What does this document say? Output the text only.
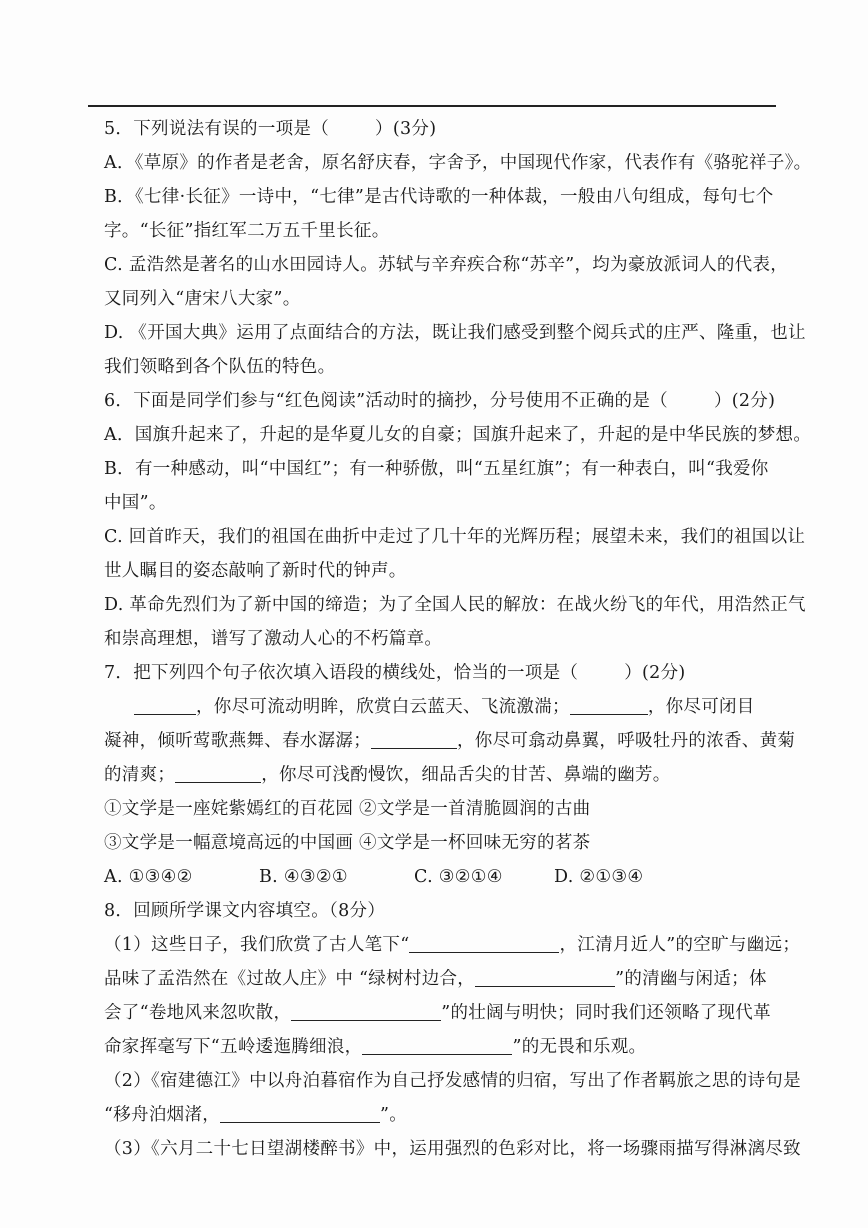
5．下列说法有误的一项是（	）(3分)
A．《草原》的作者是老舍，原名舒庆春，字舍予，中国现代作家，代表作有《骆驼祥子》。
B．《七律·长征》一诗中，“七律”是古代诗歌的一种体裁，一般由八句组成，每句七个
字。“长征”指红军二万五千里长征。
C. 孟浩然是著名的山水田园诗人。苏轼与辛弃疾合称“苏辛”，均为豪放派词人的代表，
又同列入“唐宋八大家”。
D. 《开国大典》运用了点面结合的方法，既让我们感受到整个阅兵式的庄严、隆重，也让
我们领略到各个队伍的特色。
6．下面是同学们参与“红色阅读”活动时的摘抄，分号使用不正确的是（	）(2分)
A．国旗升起来了，升起的是华夏儿女的自豪；国旗升起来了，升起的是中华民族的梦想。
B．有一种感动，叫“中国红”；有一种骄傲，叫“五星红旗”；有一种表白，叫“我爱你
中国”。
C. 回首昨天，我们的祖国在曲折中走过了几十年的光辉历程；展望未来，我们的祖国以让
世人瞩目的姿态敲响了新时代的钟声。
D. 革命先烈们为了新中国的缔造；为了全国人民的解放：在战火纷飞的年代，用浩然正气
和崇高理想，谱写了激动人心的不朽篇章。
7．把下列四个句子依次填入语段的横线处，恰当的一项是（	）(2分)
，你尽可流动明眸，欣赏白云蓝天、飞流激湍；	，你尽可闭目
凝神，倾听莺歌燕舞、春水潺潺；	，你尽可翕动鼻翼，呼吸牡丹的浓香、黄菊
的清爽；	，你尽可浅酌慢饮，细品舌尖的甘苦、鼻端的幽芳。
①文学是一座姹紫嫣红的百花园 ②文学是一首清脆圆润的古曲
③文学是一幅意境高远的中国画 ④文学是一杯回味无穷的茗茶
A. ①③④②	B. ④③②①	C. ③②①④	D. ②①③④
8．回顾所学课文内容填空。（8分）
（1）这些日子，我们欣赏了古人笔下“	，江清月近人”的空旷与幽远；
品味了孟浩然在《过故人庄》中 “绿树村边合，	”的清幽与闲适；体
会了“卷地风来忽吹散，	”的壮阔与明快；同时我们还领略了现代革
命家挥毫写下“五岭逶迤腾细浪，	”的无畏和乐观。
（2）《宿建德江》中以舟泊暮宿作为自己抒发感情的归宿，写出了作者羁旅之思的诗句是
“移舟泊烟渚，	”。
（3）《六月二十七日望湖楼醉书》中，运用强烈的色彩对比，将一场骤雨描写得淋漓尽致
